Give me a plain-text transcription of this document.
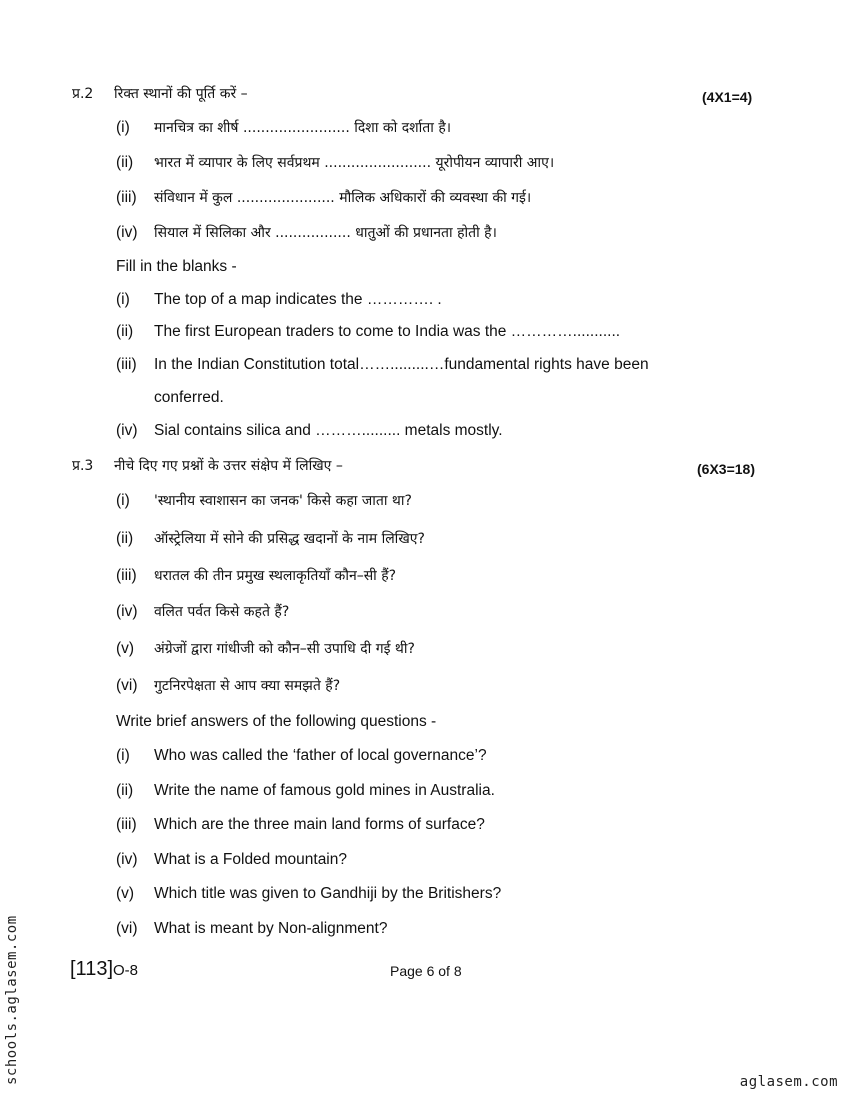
प्र.2	रिक्त स्थानों की पूर्ति करें –	(4X1=4)
(i)	मानचित्र का शीर्ष ........................ दिशा को दर्शाता है।
(ii)	भारत में व्यापार के लिए सर्वप्रथम ........................ यूरोपीयन व्यापारी आए।
(iii)	संविधान में कुल ...................... मौलिक अधिकारों की व्यवस्था की गई।
(iv)	सियाल में सिलिका और ................. धातुओं की प्रधानता होती है।
Fill in the blanks -
(i)	The top of a map indicates the …………. .
(ii)	The first European traders to come to India was the …………...........
(iii)	In the Indian Constitution total…….........…fundamental rights have been
conferred.
(iv)	Sial contains silica and ………......... metals mostly.
प्र.3	नीचे दिए गए प्रश्नों के उत्तर संक्षेप में लिखिए –	(6X3=18)
(i)	'स्थानीय स्वाशासन का जनक' किसे कहा जाता था?
(ii)	ऑस्ट्रेलिया में सोने की प्रसिद्ध खदानों के नाम लिखिए?
(iii)	धरातल की तीन प्रमुख स्थलाकृतियाँ कौन–सी हैं?
(iv)	वलित पर्वत किसे कहते हैं?
(v)	अंग्रेजों द्वारा गांधीजी को कौन–सी उपाधि दी गई थी?
(vi)	गुटनिरपेक्षता से आप क्या समझते हैं?
Write brief answers of the following questions -
(i)	Who was called the ‘father of local governance’?
(ii)	Write the name of famous gold mines in Australia.
(iii)	Which are the three main land forms of surface?
(iv)	What is a Folded mountain?
(v)	Which title was given to Gandhiji by the Britishers?
(vi)	What is meant by Non-alignment?
[113]O-8	Page 6 of 8
aglasem.com
schools.aglasem.com
